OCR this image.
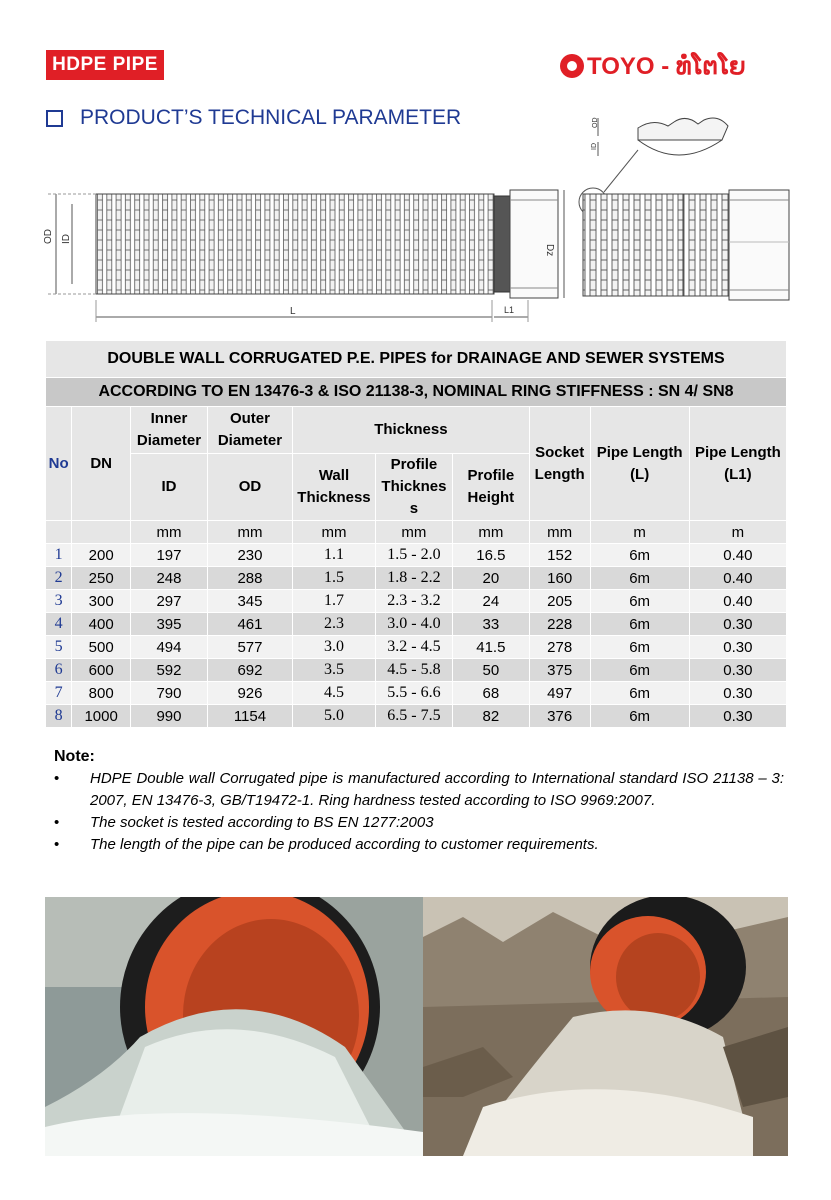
HDPE PIPE	TOYO - ທໍ່ໂຕໂຍ
PRODUCT’S TECHNICAL PARAMETER
OD ID
Dz
L	L1
OD
ID
DOUBLE WALL CORRUGATED P.E. PIPES for DRAINAGE AND SEWER SYSTEMS									
ACCORDING TO EN 13476-3 & ISO 21138-3, NOMINAL RING STIFFNESS : SN 4/ SN8									
No	DN	Inner Diameter	Outer Diameter	Thickness			Socket Length	Pipe Length (L)	Pipe Length (L1)
		ID	OD	Wall Thickness	Profile Thicknes s	Profile Height			
		mm	mm	mm	mm	mm	mm	m	m
1	200	197	230	1.1	1.5 - 2.0	16.5	152	6m	0.40
2	250	248	288	1.5	1.8 - 2.2	20	160	6m	0.40
3	300	297	345	1.7	2.3 - 3.2	24	205	6m	0.40
4	400	395	461	2.3	3.0 - 4.0	33	228	6m	0.30
5	500	494	577	3.0	3.2 - 4.5	41.5	278	6m	0.30
6	600	592	692	3.5	4.5 - 5.8	50	375	6m	0.30
7	800	790	926	4.5	5.5 - 6.6	68	497	6m	0.30
8	1000	990	1154	5.0	6.5 - 7.5	82	376	6m	0.30
Note:
• HDPE Double wall Corrugated pipe is manufactured according to International standard ISO 21138 – 3: 2007, EN 13476-3, GB/T19472-1. Ring hardness tested according to ISO 9969:2007.
• The socket is tested according to BS EN 1277:2003
• The length of the pipe can be produced according to customer requirements.
